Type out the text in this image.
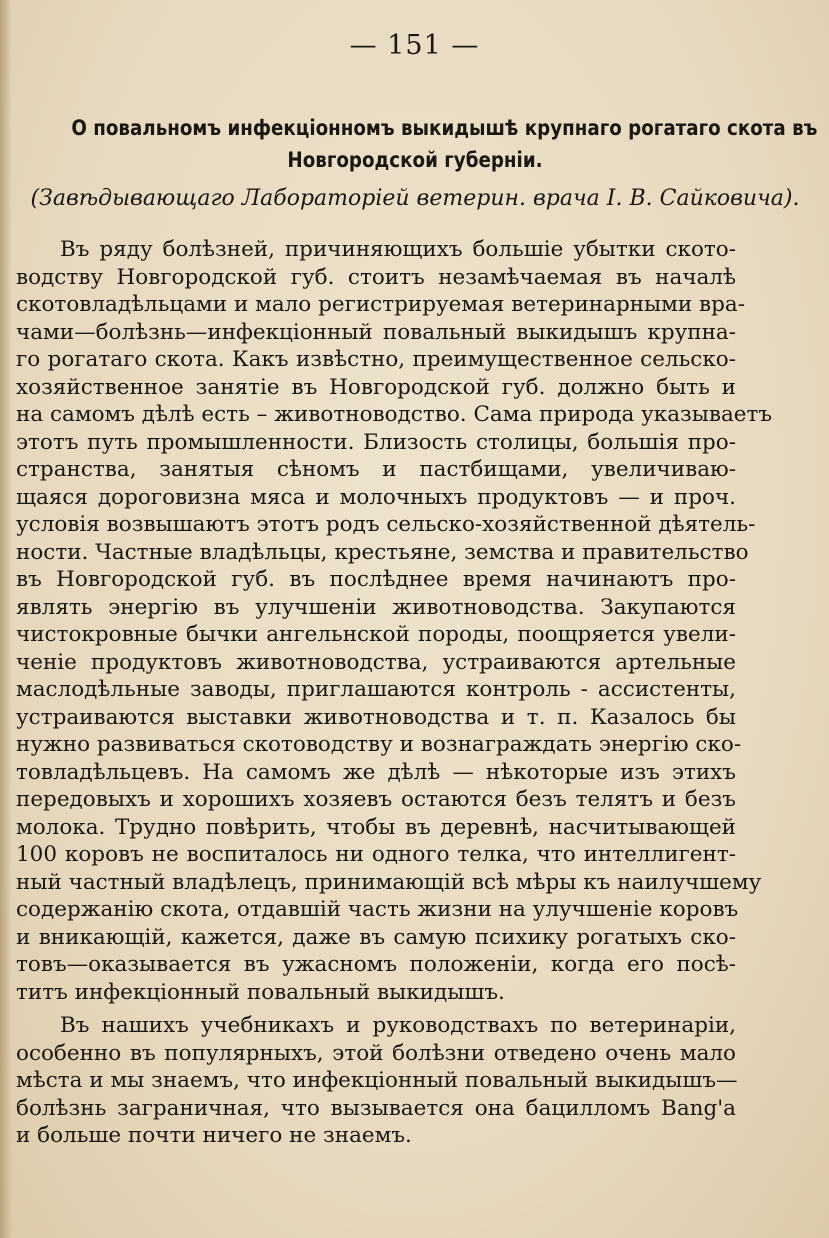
— 151 —
О повальномъ инфекціонномъ выкидышѣ крупнаго рогатаго скота въ
Новгородской губерніи.
(Завѣдывающаго Лабораторіей ветерин. врача I. В. Сайковича).
Въ ряду болѣзней, причиняющихъ большіе убытки ското-
водству Новгородской губ. стоитъ незамѣчаемая въ началѣ
скотовладѣльцами и мало регистрируемая ветеринарными вра-
чами—болѣзнь—инфекціонный повальный выкидышъ крупна-
го рогатаго скота. Какъ извѣстно, преимущественное сельско-
хозяйственное занятіе въ Новгородской губ. должно быть и
на самомъ дѣлѣ есть – животноводство. Сама природа указываетъ
этотъ путь промышленности. Близость столицы, большія про-
странства, занятыя сѣномъ и пастбищами, увеличиваю-
щаяся дороговизна мяса и молочныхъ продуктовъ — и проч.
условія возвышаютъ этотъ родъ сельско-хозяйственной дѣятель-
ности. Частные владѣльцы, крестьяне, земства и правительство
въ Новгородской губ. въ послѣднее время начинаютъ про-
являть энергію въ улучшеніи животноводства. Закупаются
чистокровные бычки ангельнской породы, поощряется увели-
ченіе продуктовъ животноводства, устраиваются артельные
маслодѣльные заводы, приглашаются контроль - ассистенты,
устраиваются выставки животноводства и т. п. Казалось бы
нужно развиваться скотоводству и вознаграждать энергію ско-
товладѣльцевъ. На самомъ же дѣлѣ — нѣкоторые изъ этихъ
передовыхъ и хорошихъ хозяевъ остаются безъ телятъ и безъ
молока. Трудно повѣрить, чтобы въ деревнѣ, насчитывающей
100 коровъ не воспиталось ни одного телка, что интеллигент-
ный частный владѣлецъ, принимающій всѣ мѣры къ наилучшему
содержанію скота, отдавшій часть жизни на улучшеніе коровъ
и вникающій, кажется, даже въ самую психику рогатыхъ ско-
товъ—оказывается въ ужасномъ положеніи, когда его посѣ-
титъ инфекціонный повальный выкидышъ.
Въ нашихъ учебникахъ и руководствахъ по ветеринаріи,
особенно въ популярныхъ, этой болѣзни отведено очень мало
мѣста и мы знаемъ, что инфекціонный повальный выкидышъ—
болѣзнь заграничная, что вызывается она бацилломъ Bang'a
и больше почти ничего не знаемъ.
